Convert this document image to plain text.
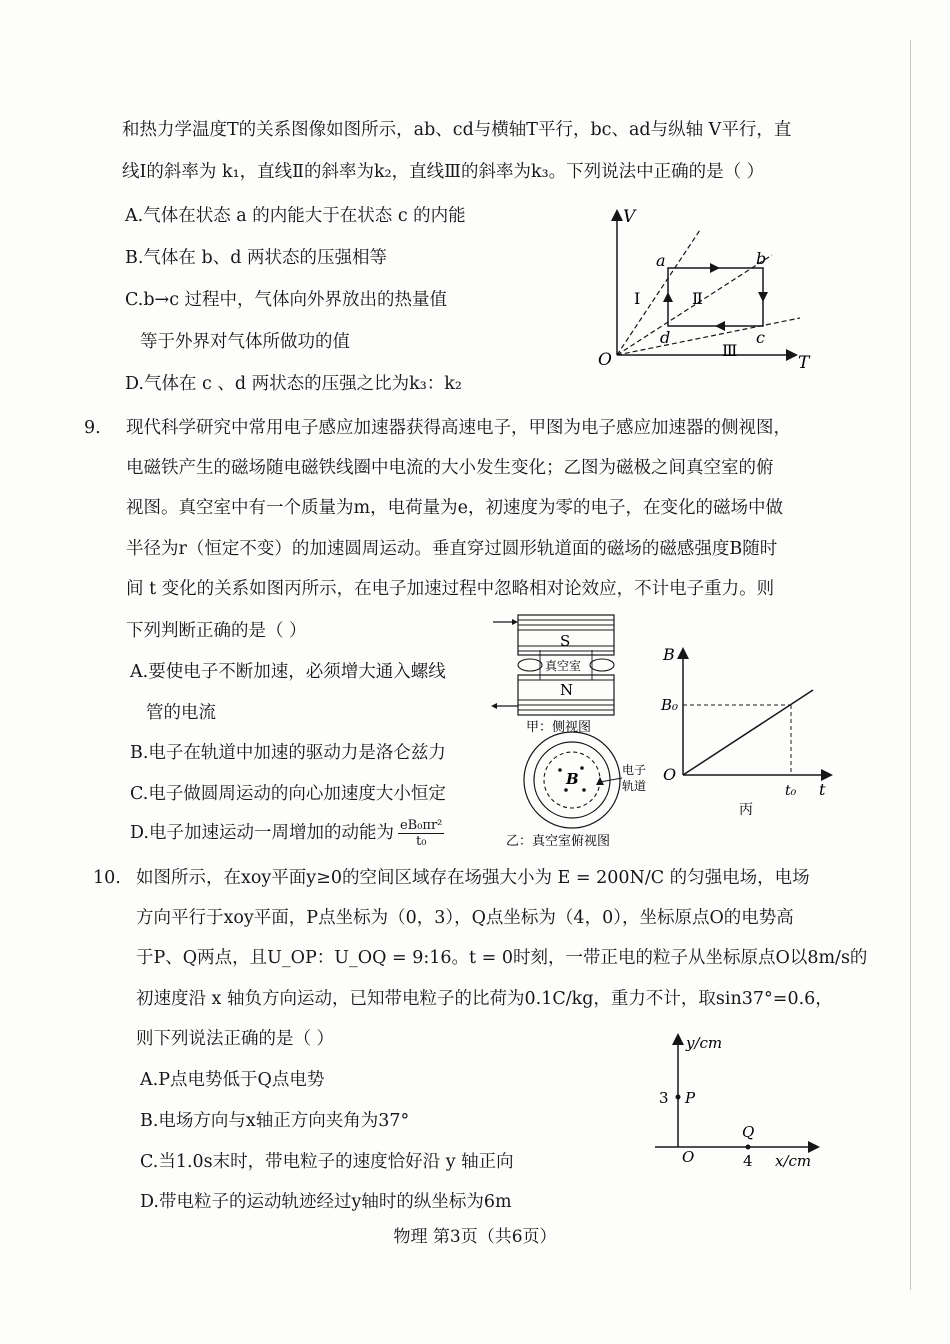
和热力学温度T的关系图像如图所示，ab、cd与横轴T平行，bc、ad与纵轴 V平行，直
线Ⅰ的斜率为 k₁，直线Ⅱ的斜率为k₂，直线Ⅲ的斜率为k₃。下列说法中正确的是（ ）
A.气体在状态 a 的内能大于在状态 c 的内能
B.气体在 b、d 两状态的压强相等
C.b→c 过程中，气体向外界放出的热量值
等于外界对气体所做功的值
D.气体在 c 、d 两状态的压强之比为k₃：k₂
V
T
O
a	b
c
d
Ⅰ	Ⅱ
Ⅲ
9. 现代科学研究中常用电子感应加速器获得高速电子，甲图为电子感应加速器的侧视图，
电磁铁产生的磁场随电磁铁线圈中电流的大小发生变化；乙图为磁极之间真空室的俯
视图。真空室中有一个质量为m，电荷量为e，初速度为零的电子，在变化的磁场中做
半径为r（恒定不变）的加速圆周运动。垂直穿过圆形轨道面的磁场的磁感强度B随时
间 t 变化的关系如图丙所示，在电子加速过程中忽略相对论效应，不计电子重力。则
下列判断正确的是（ ）
A.要使电子不断加速，必须增大通入螺线
管的电流
B.电子在轨道中加速的驱动力是洛仑兹力
C.电子做圆周运动的向心加速度大小恒定
D.电子加速运动一周增加的动能为 $\frac{\text{eB₀πr²}}{\text{t₀}}$
S
真空室
N
甲：侧视图
B	电子
轨道
乙：真空室俯视图
B
B₀
O
t₀ t
丙
10. 如图所示，在xoy平面y≥0的空间区域存在场强大小为 E = 200N/C 的匀强电场，电场
方向平行于xoy平面，P点坐标为（0，3），Q点坐标为（4，0），坐标原点O的电势高
于P、Q两点，且U_OP：U_OQ = 9:16。t = 0时刻，一带正电的粒子从坐标原点O以8m/s的
初速度沿 x 轴负方向运动，已知带电粒子的比荷为0.1C/kg，重力不计，取sin37°=0.6，
则下列说法正确的是（ ）
A.P点电势低于Q点电势
B.电场方向与x轴正方向夹角为37°
C.当1.0s末时，带电粒子的速度恰好沿 y 轴正向
D.带电粒子的运动轨迹经过y轴时的纵坐标为6m
y/cm
3 P
Q
O	4 x/cm
物理 第3页（共6页）
